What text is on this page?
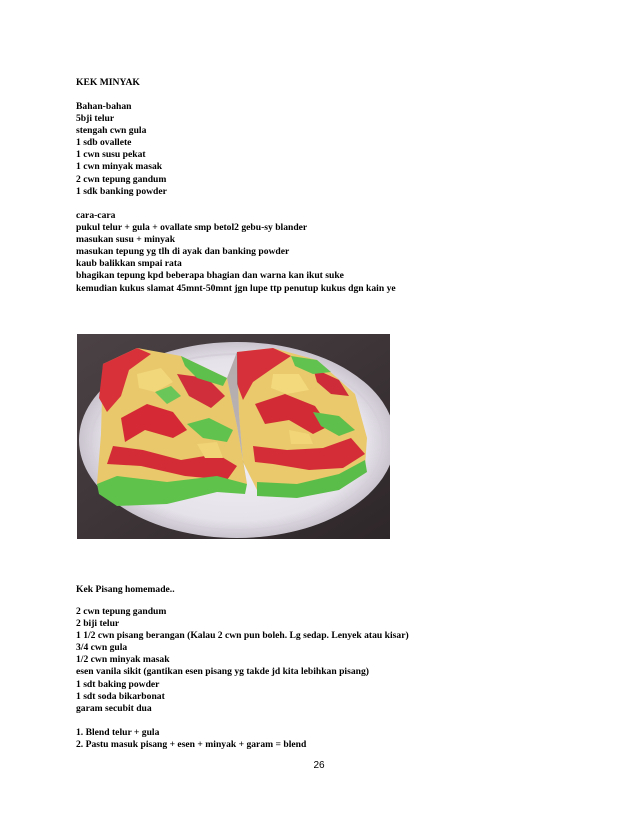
KEK MINYAK
Bahan-bahan
5bji telur
stengah cwn gula
1 sdb ovallete
1 cwn susu pekat
1 cwn minyak masak
2 cwn tepung gandum
1 sdk banking powder
cara-cara
pukul telur + gula + ovallate smp betol2 gebu-sy blander
masukan susu + minyak
masukan tepung yg tlh di ayak dan banking powder
kaub balikkan smpai rata
bhagikan tepung kpd beberapa bhagian dan warna kan ikut suke
kemudian kukus slamat 45mnt-50mnt jgn lupe ttp penutup kukus dgn kain ye
Kek Pisang homemade..
2 cwn tepung gandum
2 biji telur
1 1/2 cwn pisang berangan (Kalau 2 cwn pun boleh. Lg sedap. Lenyek atau kisar)
3/4 cwn gula
1/2 cwn minyak masak
esen vanila sikit (gantikan esen pisang yg takde jd kita lebihkan pisang)
1 sdt baking powder
1 sdt soda bikarbonat
garam secubit dua
1. Blend telur + gula
2. Pastu masuk pisang + esen + minyak + garam = blend
26
